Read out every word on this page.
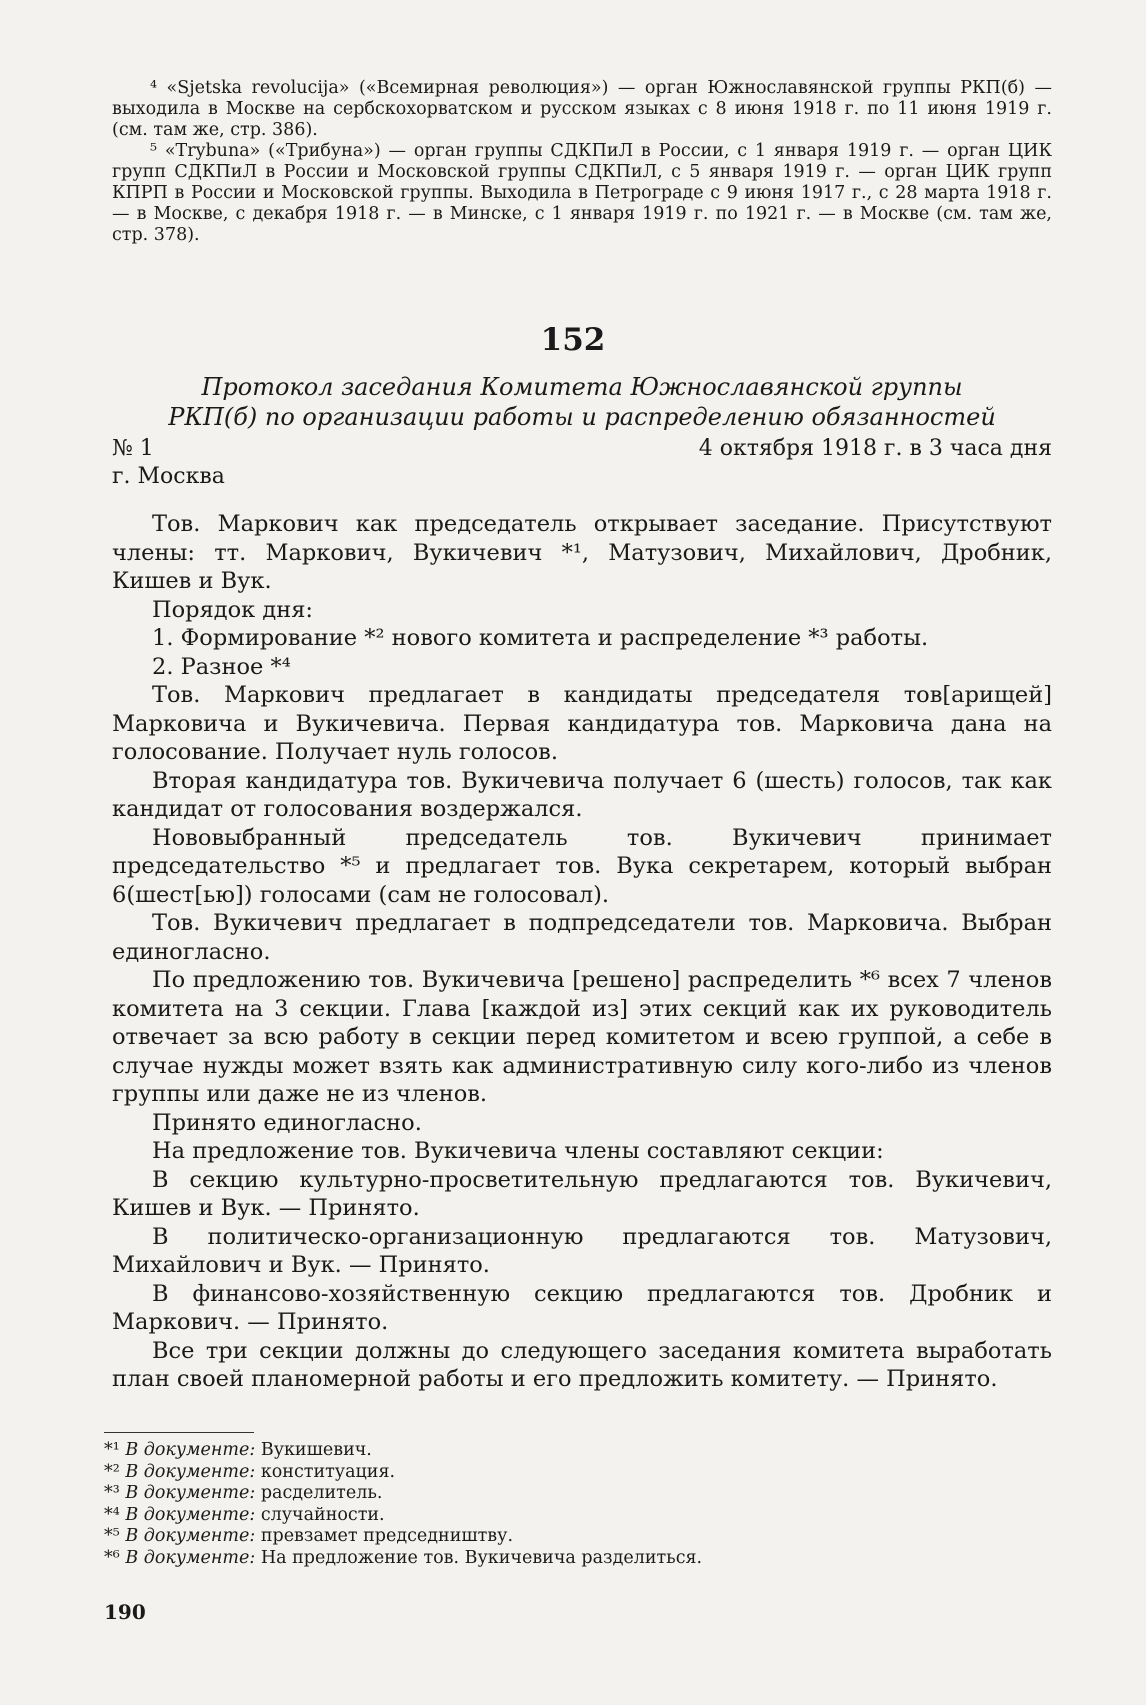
⁴ «Sjetska revolucija» («Всемирная революция») — орган Южнославянской группы РКП(б) — выходила в Москве на сербскохорватском и русском языках с 8 июня 1918 г. по 11 июня 1919 г. (см. там же, стр. 386).

⁵ «Trybuna» («Трибуна») — орган группы СДКПиЛ в России, с 1 января 1919 г. — орган ЦИК групп СДКПиЛ в России и Московской группы СДКПиЛ, с 5 января 1919 г. — орган ЦИК групп КПРП в России и Московской группы. Выходила в Петрограде с 9 июня 1917 г., с 28 марта 1918 г. — в Москве, с декабря 1918 г. — в Минске, с 1 января 1919 г. по 1921 г. — в Москве (см. там же, стр. 378).

152
Протокол заседания Комитета Южнославянской группы
РКП(б) по организации работы и распределению обязанностей
№ 1	4 октября 1918 г. в 3 часа дня
г. Москва

Тов. Маркович как председатель открывает заседание. Присутствуют члены: тт. Маркович, Вукичевич *¹, Матузович, Михайлович, Дробник, Кишев и Вук.

Порядок дня:

1. Формирование *² нового комитета и распределение *³ работы.

2. Разное *⁴

Тов. Маркович предлагает в кандидаты председателя тов[арищей] Марковича и Вукичевича. Первая кандидатура тов. Марковича дана на голосование. Получает нуль голосов.

Вторая кандидатура тов. Вукичевича получает 6 (шесть) голосов, так как кандидат от голосования воздержался.

Нововыбранный председатель тов. Вукичевич принимает председательство *⁵ и предлагает тов. Вука секретарем, который выбран 6(шест[ью]) голосами (сам не голосовал).

Тов. Вукичевич предлагает в подпредседатели тов. Марковича. Выбран единогласно.

По предложению тов. Вукичевича [решено] распределить *⁶ всех 7 членов комитета на 3 секции. Глава [каждой из] этих секций как их руководитель отвечает за всю работу в секции перед комитетом и всею группой, а себе в случае нужды может взять как административную силу кого-либо из членов группы или даже не из членов.

Принято единогласно.

На предложение тов. Вукичевича члены составляют секции:

В секцию культурно-просветительную предлагаются тов. Вукичевич, Кишев и Вук. — Принято.

В политическо-организационную предлагаются тов. Матузович, Михайлович и Вук. — Принято.

В финансово-хозяйственную секцию предлагаются тов. Дробник и Маркович. — Принято.

Все три секции должны до следующего заседания комитета выработать план своей планомерной работы и его предложить комитету. — Принято.

*¹ В документе: Вукишевич.
*² В документе: конституация.
*³ В документе: расделитель.
*⁴ В документе: случайности.
*⁵ В документе: превзамет председништву.
*⁶ В документе: На предложение тов. Вукичевича разделиться.
190
